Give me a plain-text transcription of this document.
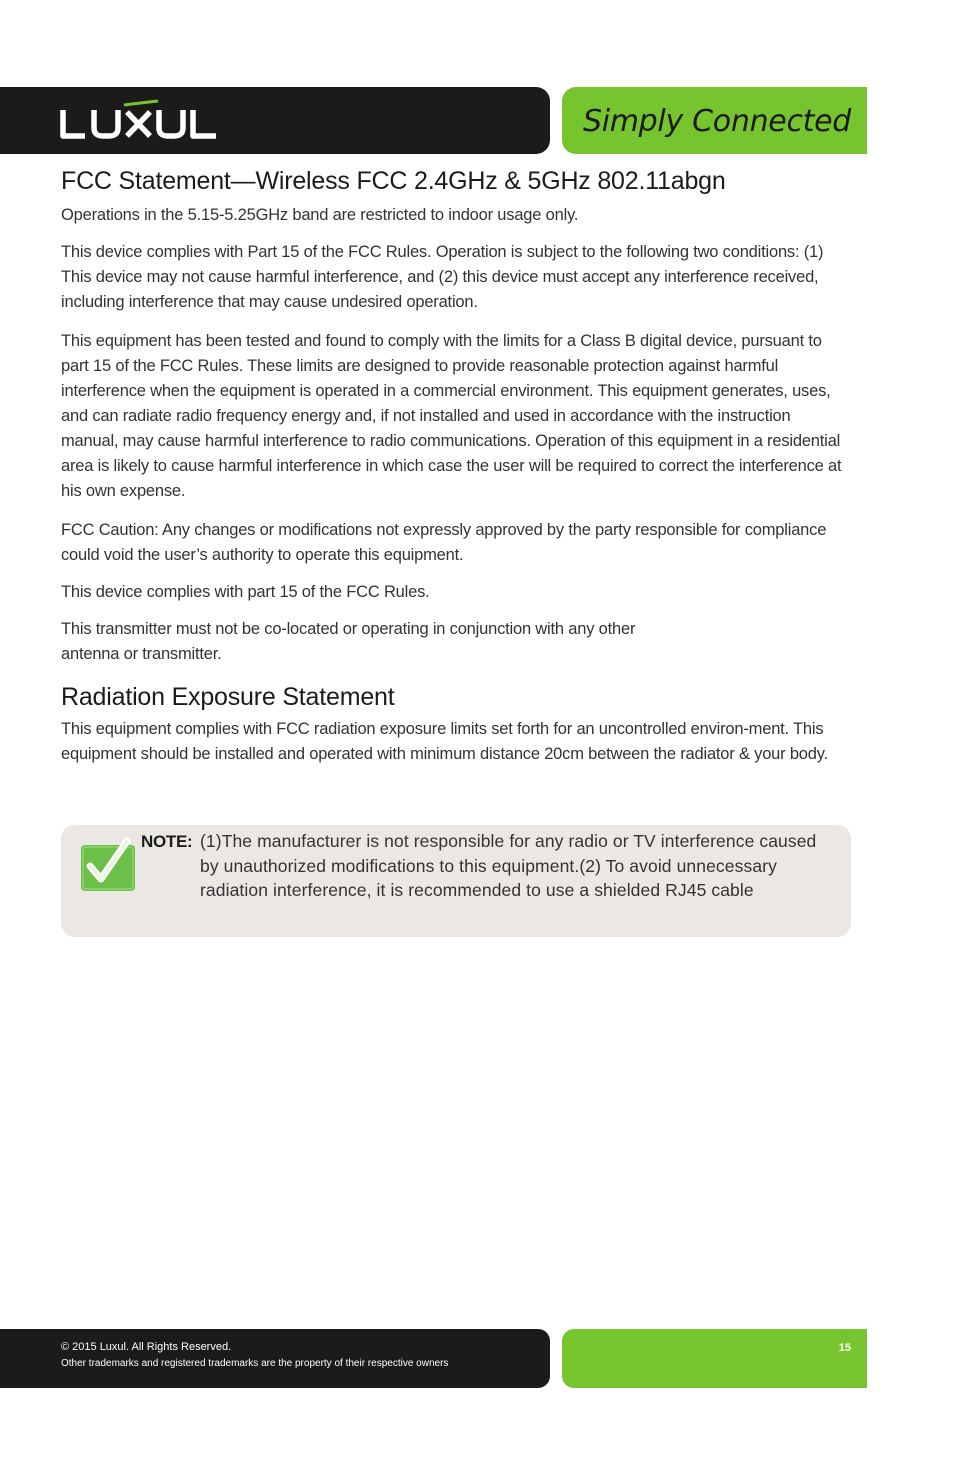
LUXUL
Simply Connected
FCC Statement—Wireless FCC 2.4GHz & 5GHz 802.11abgn

Operations in the 5.15-5.25GHz band are restricted to indoor usage only.

This device complies with Part 15 of the FCC Rules. Operation is subject to the following two conditions: (1) This device may not cause harmful interference, and (2) this device must accept any interference received, including interference that may cause undesired operation.

This equipment has been tested and found to comply with the limits for a Class B digital device, pursuant to part 15 of the FCC Rules. These limits are designed to provide reasonable protection against harmful interference when the equipment is operated in a commercial environment. This equipment generates, uses, and can radiate radio frequency energy and, if not installed and used in accordance with the instruction manual, may cause harmful interference to radio communications. Operation of this equipment in a residential area is likely to cause harmful interference in which case the user will be required to correct the interference at his own expense.

FCC Caution: Any changes or modifications not expressly approved by the party responsible for compliance could void the user’s authority to operate this equipment.

This device complies with part 15 of the FCC Rules.

This transmitter must not be co-located or operating in conjunction with any other
antenna or transmitter.

Radiation Exposure Statement

This equipment complies with FCC radiation exposure limits set forth for an uncontrolled environ-ment. This equipment should be installed and operated with minimum distance 20cm between the radiator & your body.

NOTE: (1)The manufacturer is not responsible for any radio or TV interference caused by unauthorized modifications to this equipment.(2) To avoid unnecessary radiation interference, it is recommended to use a shielded RJ45 cable
© 2015 Luxul. All Rights Reserved.
Other trademarks and registered trademarks are the property of their respective owners
15
